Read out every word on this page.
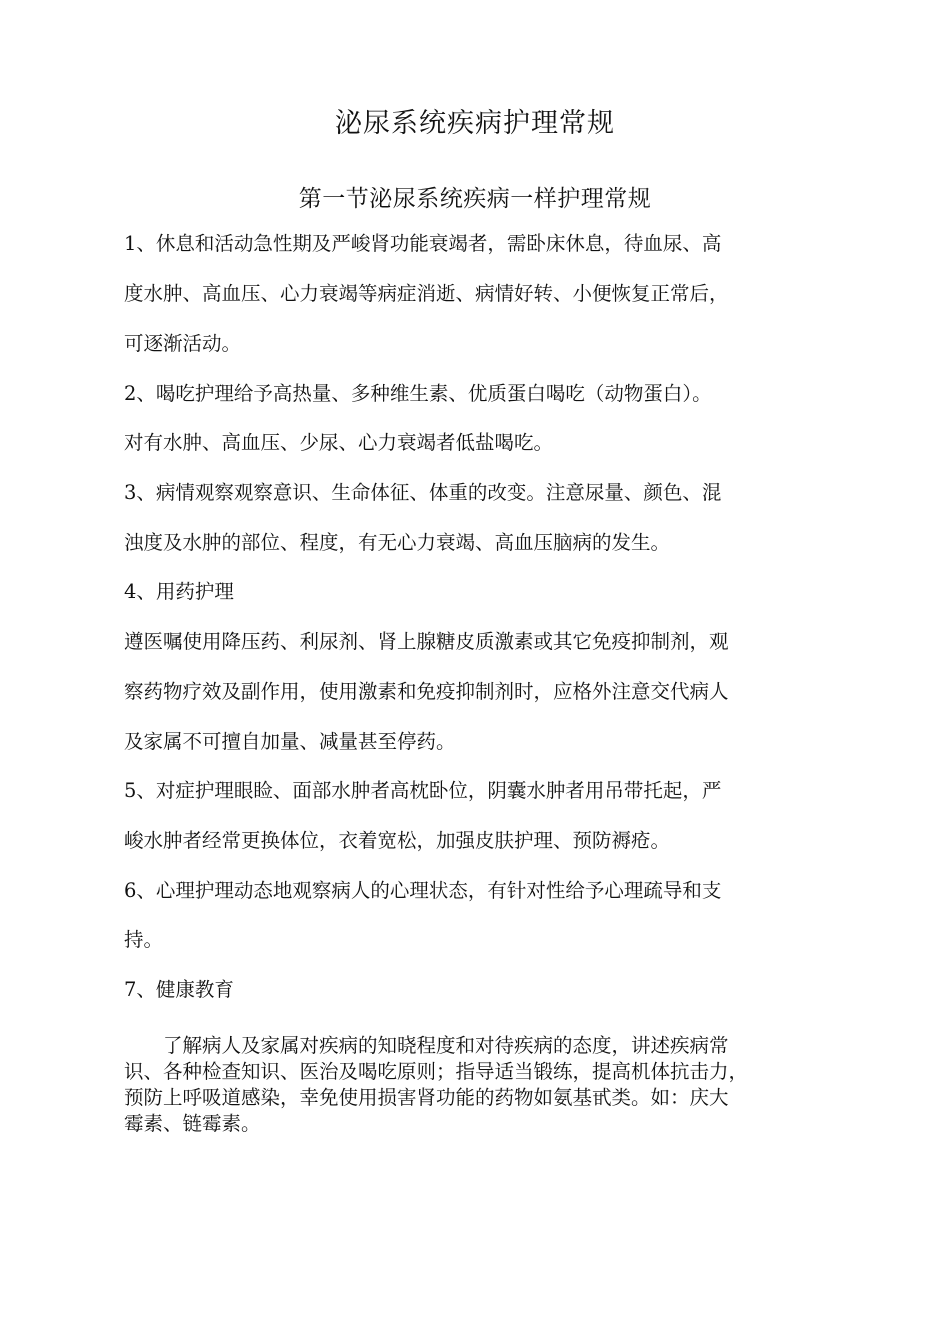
泌尿系统疾病护理常规
第一节泌尿系统疾病一样护理常规
1、休息和活动急性期及严峻肾功能衰竭者，需卧床休息，待血尿、高
度水肿、高血压、心力衰竭等病症消逝、病情好转、小便恢复正常后，
可逐渐活动。
2、喝吃护理给予高热量、多种维生素、优质蛋白喝吃（动物蛋白）。
对有水肿、高血压、少尿、心力衰竭者低盐喝吃。
3、病情观察观察意识、生命体征、体重的改变。注意尿量、颜色、混
浊度及水肿的部位、程度，有无心力衰竭、高血压脑病的发生。
4、用药护理
遵医嘱使用降压药、利尿剂、肾上腺糖皮质激素或其它免疫抑制剂，观
察药物疗效及副作用，使用激素和免疫抑制剂时，应格外注意交代病人
及家属不可擅自加量、减量甚至停药。
5、对症护理眼睑、面部水肿者高枕卧位，阴囊水肿者用吊带托起，严
峻水肿者经常更换体位，衣着宽松，加强皮肤护理、预防褥疮。
6、心理护理动态地观察病人的心理状态，有针对性给予心理疏导和支
持。
7、健康教育
　　了解病人及家属对疾病的知晓程度和对待疾病的态度，讲述疾病常
识、各种检查知识、医治及喝吃原则；指导适当锻练，提高机体抗击力，
预防上呼吸道感染，幸免使用损害肾功能的药物如氨基甙类。如：庆大
霉素、链霉素。
